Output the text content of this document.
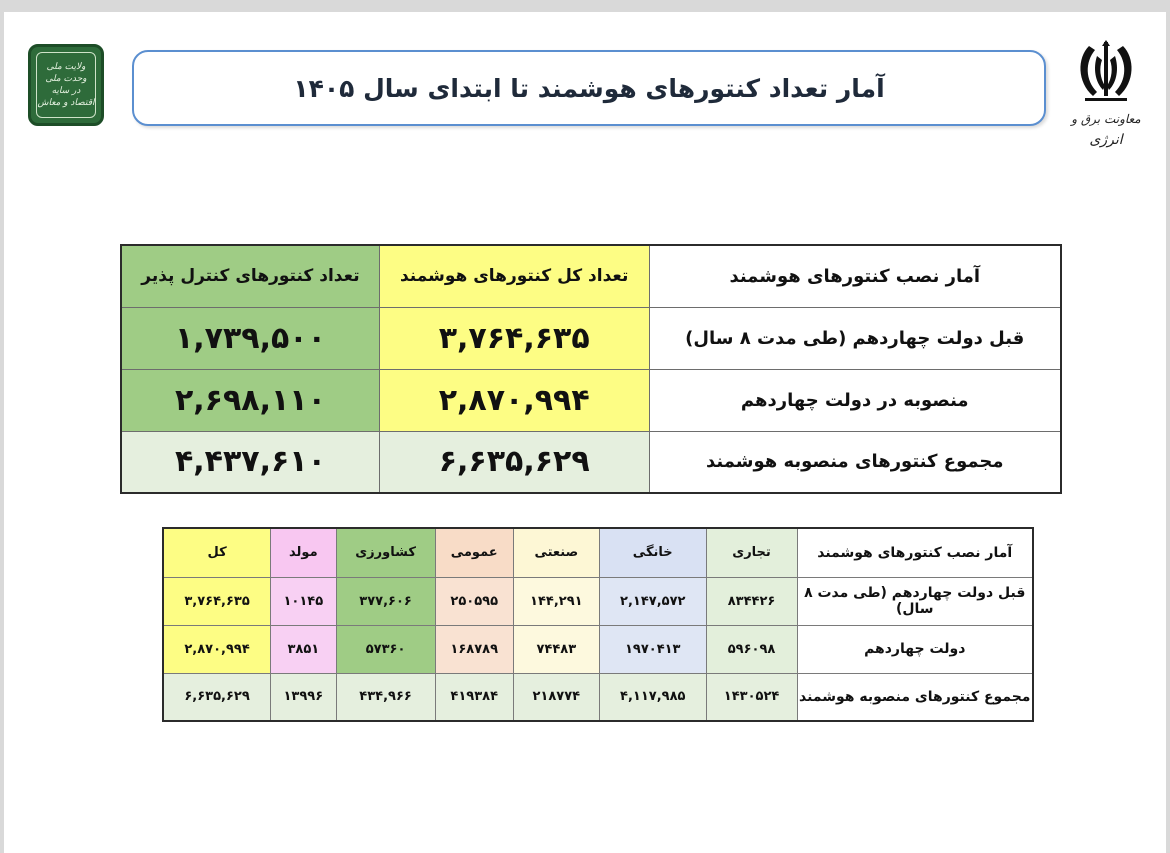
ولایت ملی
وحدت ملی
در سایه
اقتصاد و معاش
آمار تعداد کنتورهای هوشمند تا ابتدای سال ۱۴۰۵
معاونت برق و
انرژی
آمار نصب کنتورهای هوشمند	تعداد کل کنتورهای هوشمند	تعداد کنتورهای کنترل پذیر
قبل دولت چهاردهم (طی مدت ۸ سال)	۳,۷۶۴,۶۳۵	۱,۷۳۹,۵۰۰
منصوبه در دولت چهاردهم	۲,۸۷۰,۹۹۴	۲,۶۹۸,۱۱۰
مجموع کنتورهای منصوبه هوشمند	۶,۶۳۵,۶۲۹	۴,۴۳۷,۶۱۰
آمار نصب کنتورهای هوشمند	تجاری	خانگی	صنعتی	عمومی	کشاورزی	مولد	کل
قبل دولت چهاردهم (طی مدت ۸ سال)	۸۳۴۴۲۶	۲,۱۴۷,۵۷۲	۱۴۴,۲۹۱	۲۵۰۵۹۵	۳۷۷,۶۰۶	۱۰۱۴۵	۳,۷۶۴,۶۳۵
دولت چهاردهم	۵۹۶۰۹۸	۱۹۷۰۴۱۳	۷۴۴۸۳	۱۶۸۷۸۹	۵۷۳۶۰	۳۸۵۱	۲,۸۷۰,۹۹۴
مجموع کنتورهای منصوبه هوشمند	۱۴۳۰۵۲۴	۴,۱۱۷,۹۸۵	۲۱۸۷۷۴	۴۱۹۳۸۴	۴۳۴,۹۶۶	۱۳۹۹۶	۶,۶۳۵,۶۲۹
